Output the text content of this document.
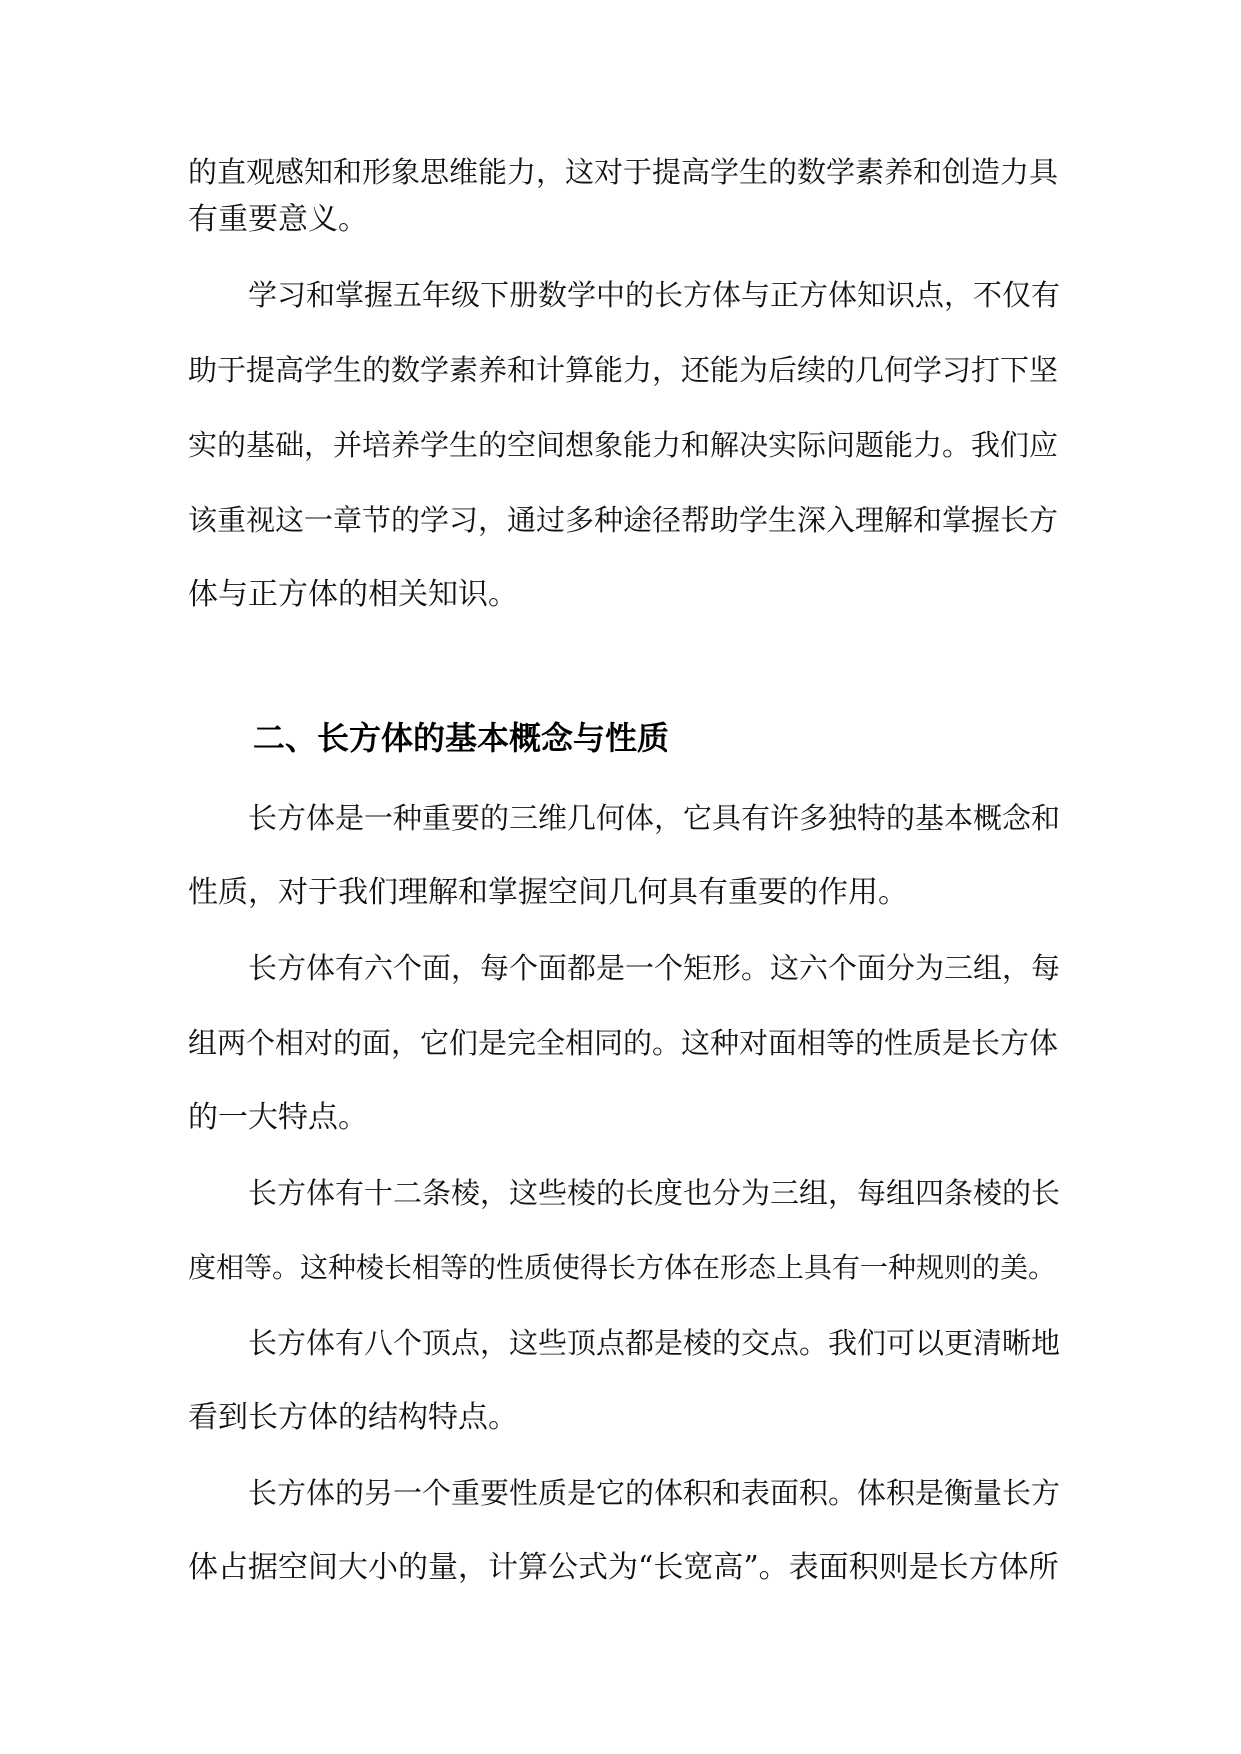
的直观感知和形象思维能力，这对于提高学生的数学素养和创造力具
有重要意义。
学习和掌握五年级下册数学中的长方体与正方体知识点，不仅有
助于提高学生的数学素养和计算能力，还能为后续的几何学习打下坚
实的基础，并培养学生的空间想象能力和解决实际问题能力。我们应
该重视这一章节的学习，通过多种途径帮助学生深入理解和掌握长方
体与正方体的相关知识。
二、长方体的基本概念与性质
长方体是一种重要的三维几何体，它具有许多独特的基本概念和
性质，对于我们理解和掌握空间几何具有重要的作用。
长方体有六个面，每个面都是一个矩形。这六个面分为三组，每
组两个相对的面，它们是完全相同的。这种对面相等的性质是长方体
的一大特点。
长方体有十二条棱，这些棱的长度也分为三组，每组四条棱的长
度相等。这种棱长相等的性质使得长方体在形态上具有一种规则的美。
长方体有八个顶点，这些顶点都是棱的交点。我们可以更清晰地
看到长方体的结构特点。
长方体的另一个重要性质是它的体积和表面积。体积是衡量长方
体占据空间大小的量，计算公式为“长宽高”。表面积则是长方体所
